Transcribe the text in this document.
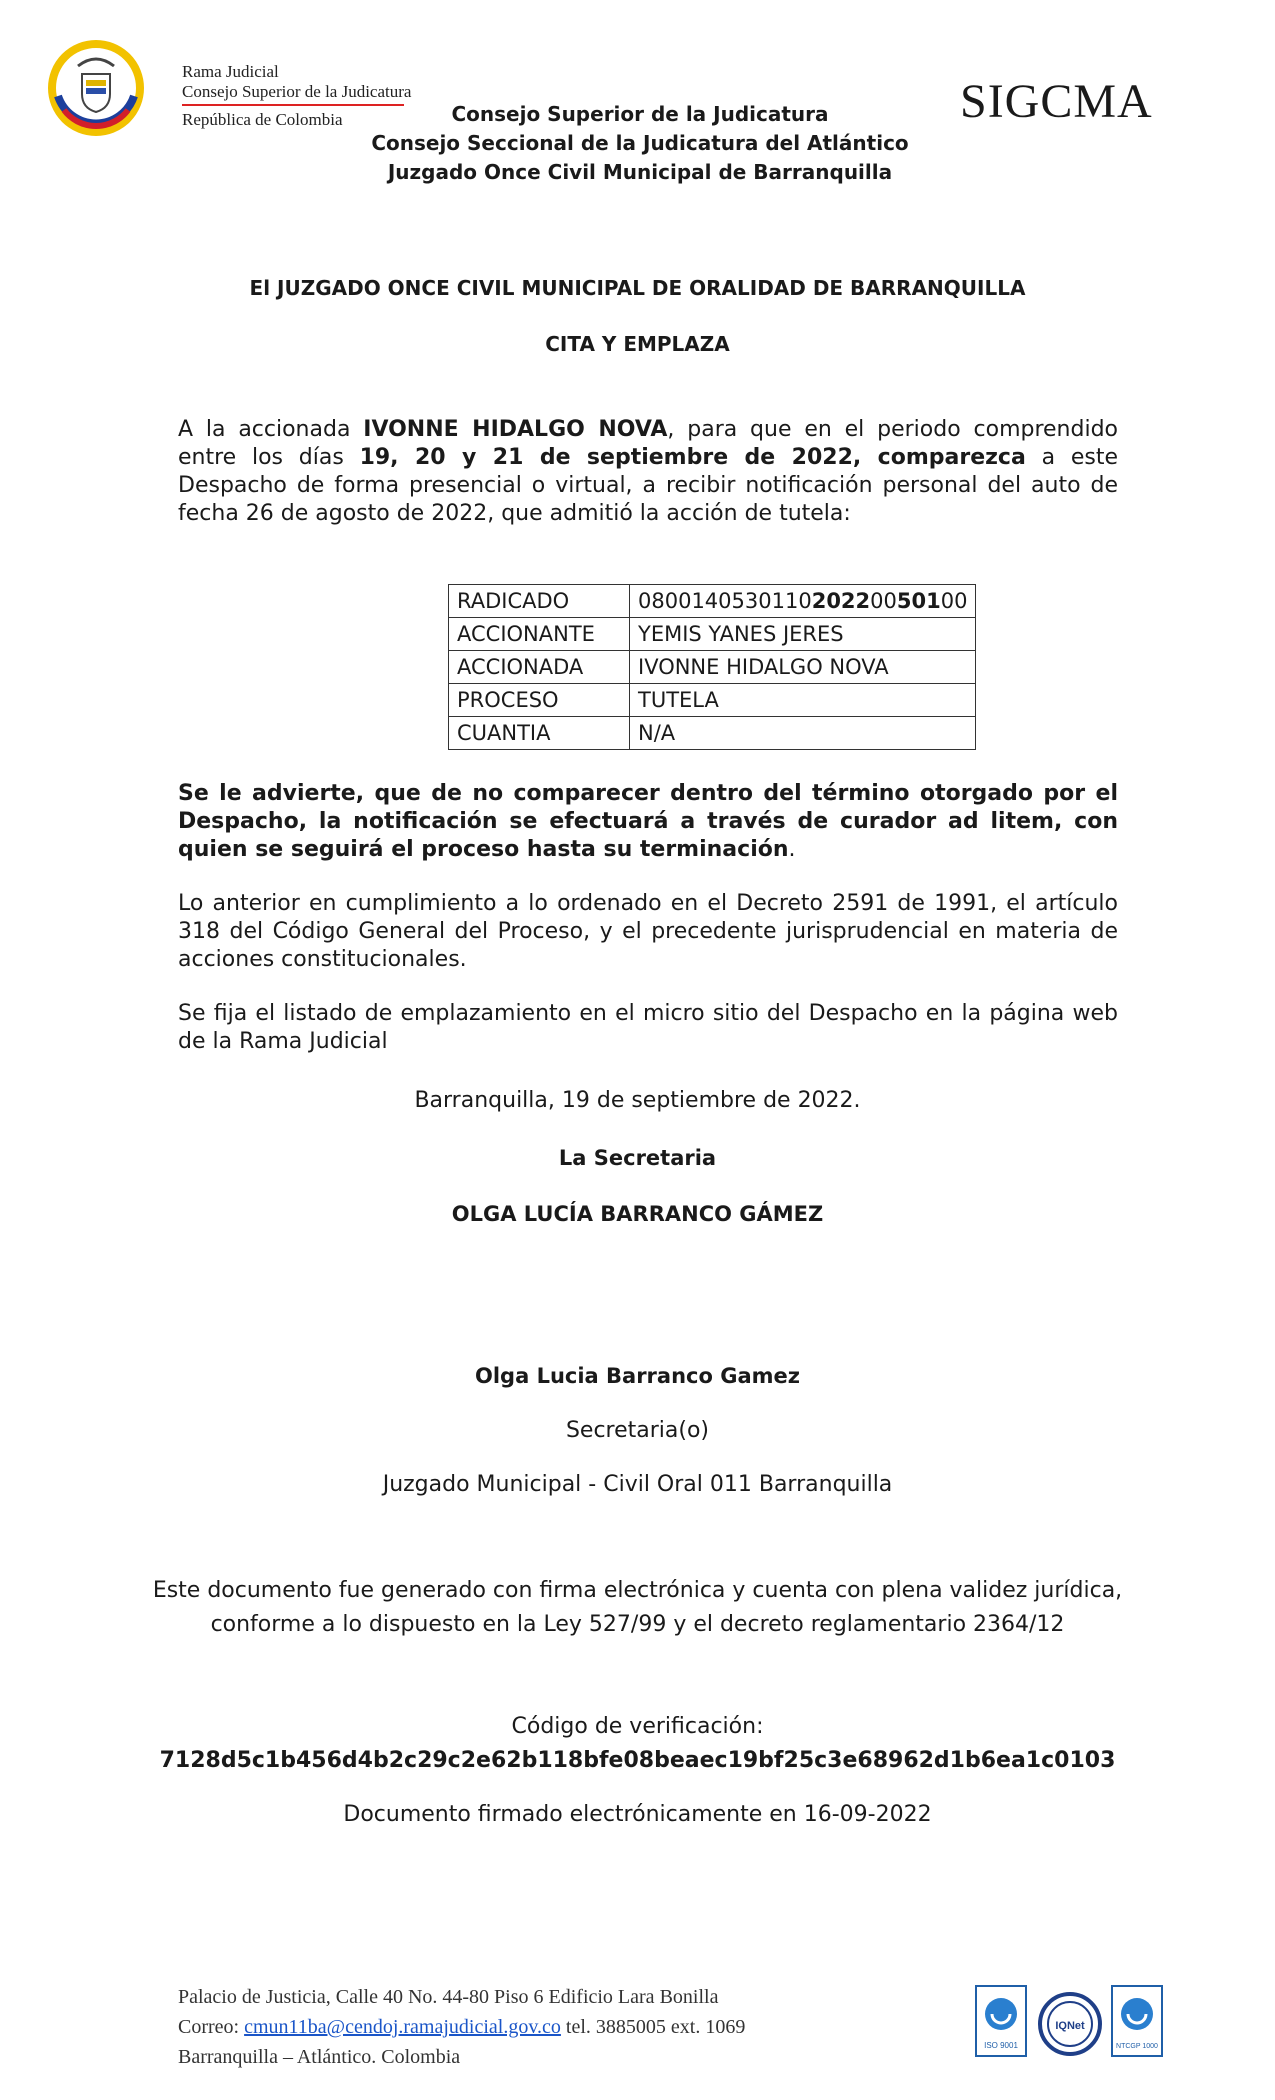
Rama Judicial
Consejo Superior de la Judicatura
República de Colombia	Consejo Superior de la Judicatura
Consejo Seccional de la Judicatura del Atlántico
Juzgado Once Civil Municipal de Barranquilla
SIGCMA
El JUZGADO ONCE CIVIL MUNICIPAL DE ORALIDAD DE BARRANQUILLA
CITA Y EMPLAZA
A la accionada IVONNE HIDALGO NOVA, para que en el periodo comprendido entre los días 19, 20 y 21 de septiembre de 2022, comparezca a este Despacho de forma presencial o virtual, a recibir notificación personal del auto de fecha 26 de agosto de 2022, que admitió la acción de tutela:
RADICADO	080014053011020220050100
ACCIONANTE	YEMIS YANES JERES
ACCIONADA	IVONNE HIDALGO NOVA
PROCESO	TUTELA
CUANTIA	N/A
Se le advierte, que de no comparecer dentro del término otorgado por el Despacho, la notificación se efectuará a través de curador ad litem, con quien se seguirá el proceso hasta su terminación.
Lo anterior en cumplimiento a lo ordenado en el Decreto 2591 de 1991, el artículo 318 del Código General del Proceso, y el precedente jurisprudencial en materia de acciones constitucionales.
Se fija el listado de emplazamiento en el micro sitio del Despacho en la página web de la Rama Judicial
Barranquilla, 19 de septiembre de 2022.
La Secretaria
OLGA LUCÍA BARRANCO GÁMEZ
Olga Lucia Barranco Gamez
Secretaria(o)
Juzgado Municipal - Civil Oral 011 Barranquilla
Este documento fue generado con firma electrónica y cuenta con plena validez jurídica,
conforme a lo dispuesto en la Ley 527/99 y el decreto reglamentario 2364/12
Código de verificación:
7128d5c1b456d4b2c29c2e62b118bfe08beaec19bf25c3e68962d1b6ea1c0103
Documento firmado electrónicamente en 16-09-2022
Palacio de Justicia, Calle 40 No. 44-80 Piso 6 Edificio Lara Bonilla
Correo: cmun11ba@cendoj.ramajudicial.gov.co tel. 3885005 ext. 1069
Barranquilla – Atlántico. Colombia
ISO 9001
IQNet
NTCGP 1000
